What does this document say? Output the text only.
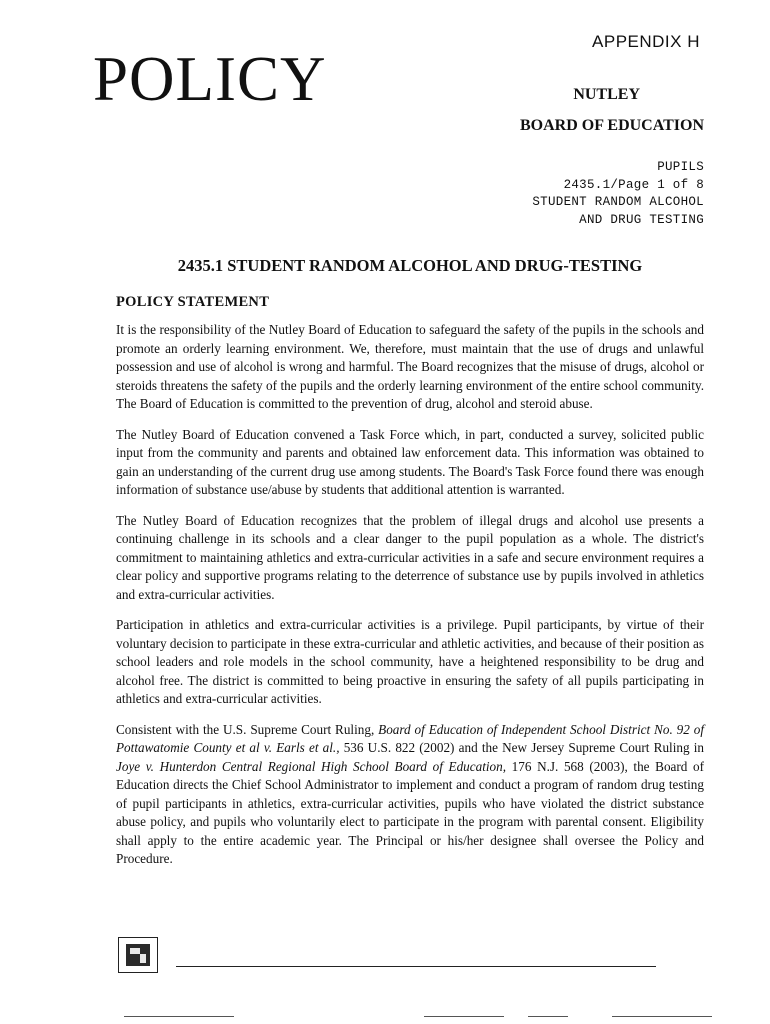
APPENDIX H
POLICY	NUTLEY
BOARD OF EDUCATION
PUPILS
2435.1/Page 1 of 8
STUDENT RANDOM ALCOHOL
AND DRUG TESTING
2435.1 STUDENT RANDOM ALCOHOL AND DRUG-TESTING
POLICY STATEMENT

It is the responsibility of the Nutley Board of Education to safeguard the safety of the pupils in the schools and promote an orderly learning environment. We, therefore, must maintain that the use of drugs and unlawful possession and use of alcohol is wrong and harmful. The Board recognizes that the misuse of drugs, alcohol or steroids threatens the safety of the pupils and the orderly learning environment of the entire school community. The Board of Education is committed to the prevention of drug, alcohol and steroid abuse.

The Nutley Board of Education convened a Task Force which, in part, conducted a survey, solicited public input from the community and parents and obtained law enforcement data. This information was obtained to gain an understanding of the current drug use among students. The Board's Task Force found there was enough information of substance use/abuse by students that additional attention is warranted.

The Nutley Board of Education recognizes that the problem of illegal drugs and alcohol use presents a continuing challenge in its schools and a clear danger to the pupil population as a whole. The district's commitment to maintaining athletics and extra-curricular activities in a safe and secure environment requires a clear policy and supportive programs relating to the deterrence of substance use by pupils involved in athletics and extra-curricular activities.

Participation in athletics and extra-curricular activities is a privilege. Pupil participants, by virtue of their voluntary decision to participate in these extra-curricular and athletic activities, and because of their position as school leaders and role models in the school community, have a heightened responsibility to be drug and alcohol free. The district is committed to being proactive in ensuring the safety of all pupils participating in athletics and extra-curricular activities.

Consistent with the U.S. Supreme Court Ruling, Board of Education of Independent School District No. 92 of Pottawatomie County et al v. Earls et al., 536 U.S. 822 (2002) and the New Jersey Supreme Court Ruling in Joye v. Hunterdon Central Regional High School Board of Education, 176 N.J. 568 (2003), the Board of Education directs the Chief School Administrator to implement and conduct a program of random drug testing of pupil participants in athletics, extra-curricular activities, pupils who have violated the district substance abuse policy, and pupils who voluntarily elect to participate in the program with parental consent. Eligibility shall apply to the entire academic year. The Principal or his/her designee shall oversee the Policy and Procedure.
